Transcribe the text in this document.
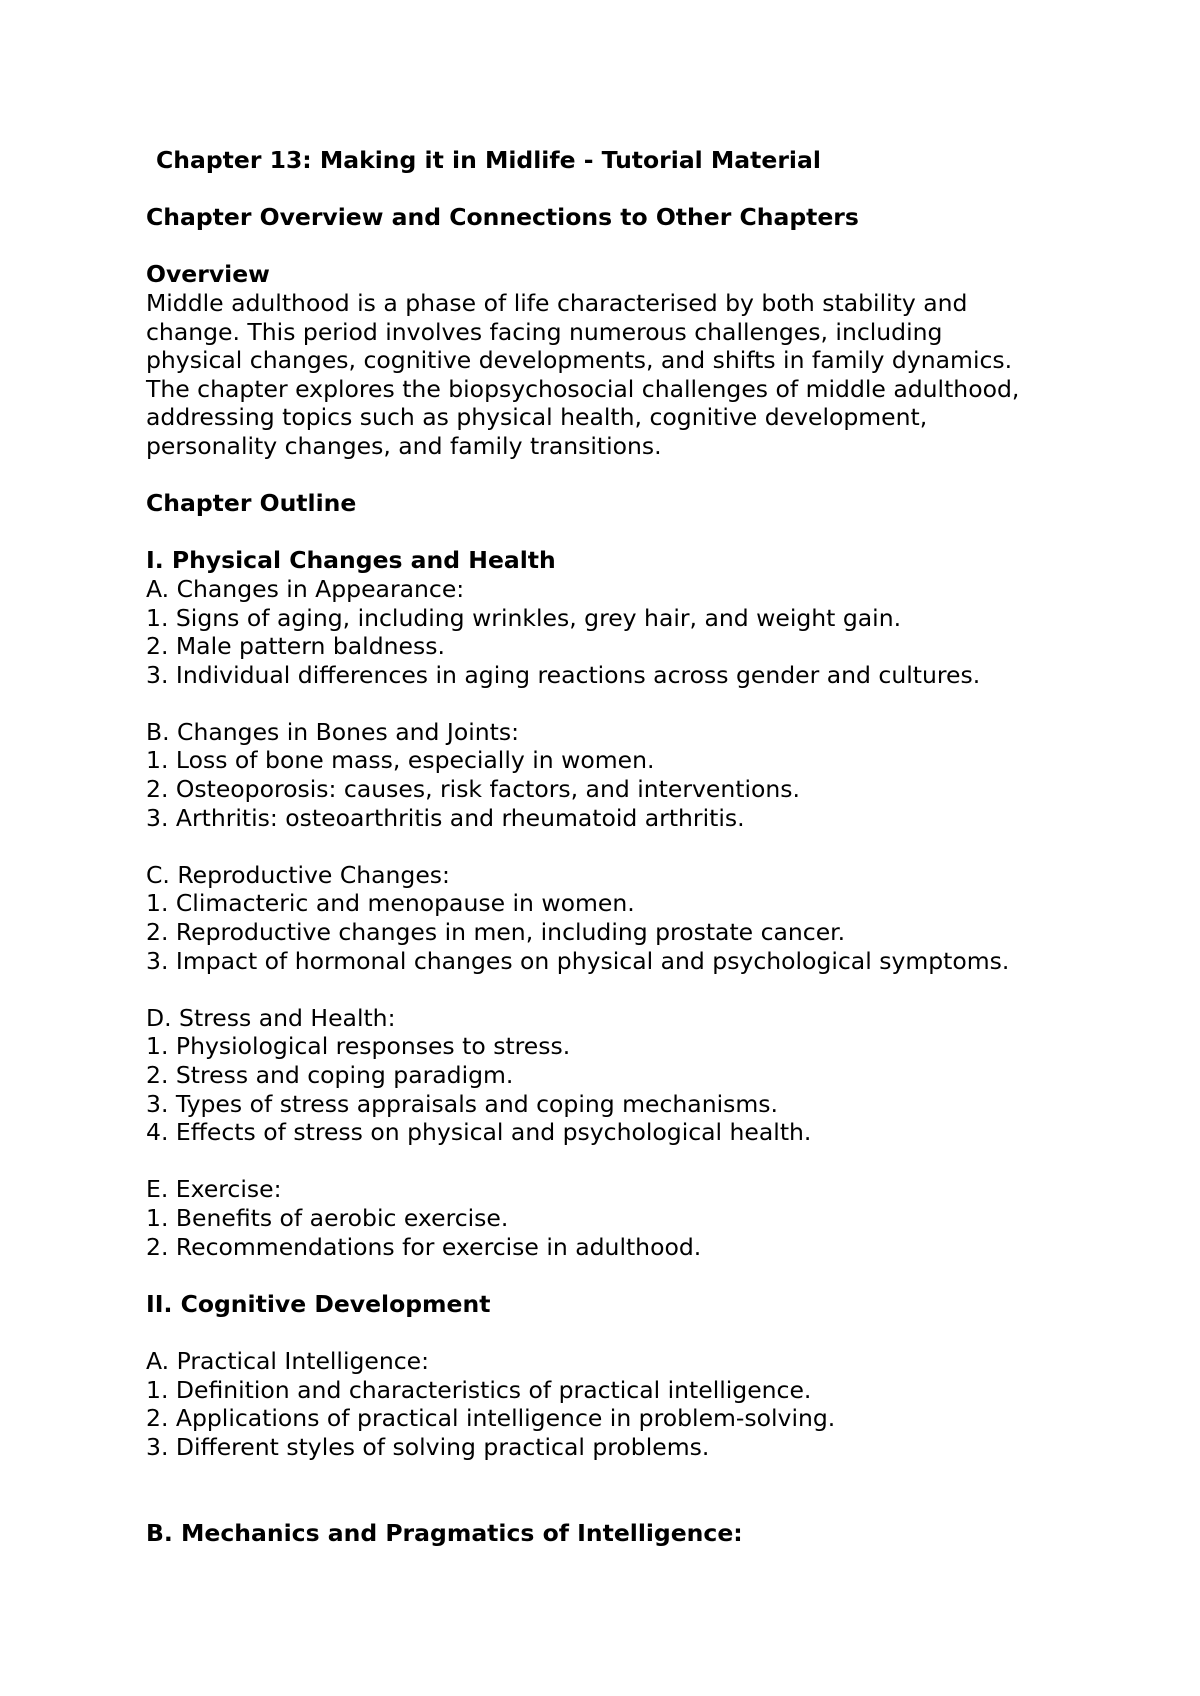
Chapter 13: Making it in Midlife - Tutorial Material
Chapter Overview and Connections to Other Chapters
Overview
Middle adulthood is a phase of life characterised by both stability and
change. This period involves facing numerous challenges, including
physical changes, cognitive developments, and shifts in family dynamics.
The chapter explores the biopsychosocial challenges of middle adulthood,
addressing topics such as physical health, cognitive development,
personality changes, and family transitions.
Chapter Outline
I. Physical Changes and Health
A. Changes in Appearance:
1. Signs of aging, including wrinkles, grey hair, and weight gain.
2. Male pattern baldness.
3. Individual differences in aging reactions across gender and cultures.
B. Changes in Bones and Joints:
1. Loss of bone mass, especially in women.
2. Osteoporosis: causes, risk factors, and interventions.
3. Arthritis: osteoarthritis and rheumatoid arthritis.
C. Reproductive Changes:
1. Climacteric and menopause in women.
2. Reproductive changes in men, including prostate cancer.
3. Impact of hormonal changes on physical and psychological symptoms.
D. Stress and Health:
1. Physiological responses to stress.
2. Stress and coping paradigm.
3. Types of stress appraisals and coping mechanisms.
4. Effects of stress on physical and psychological health.
E. Exercise:
1. Benefits of aerobic exercise.
2. Recommendations for exercise in adulthood.
II. Cognitive Development
A. Practical Intelligence:
1. Definition and characteristics of practical intelligence.
2. Applications of practical intelligence in problem-solving.
3. Different styles of solving practical problems.
B. Mechanics and Pragmatics of Intelligence:
